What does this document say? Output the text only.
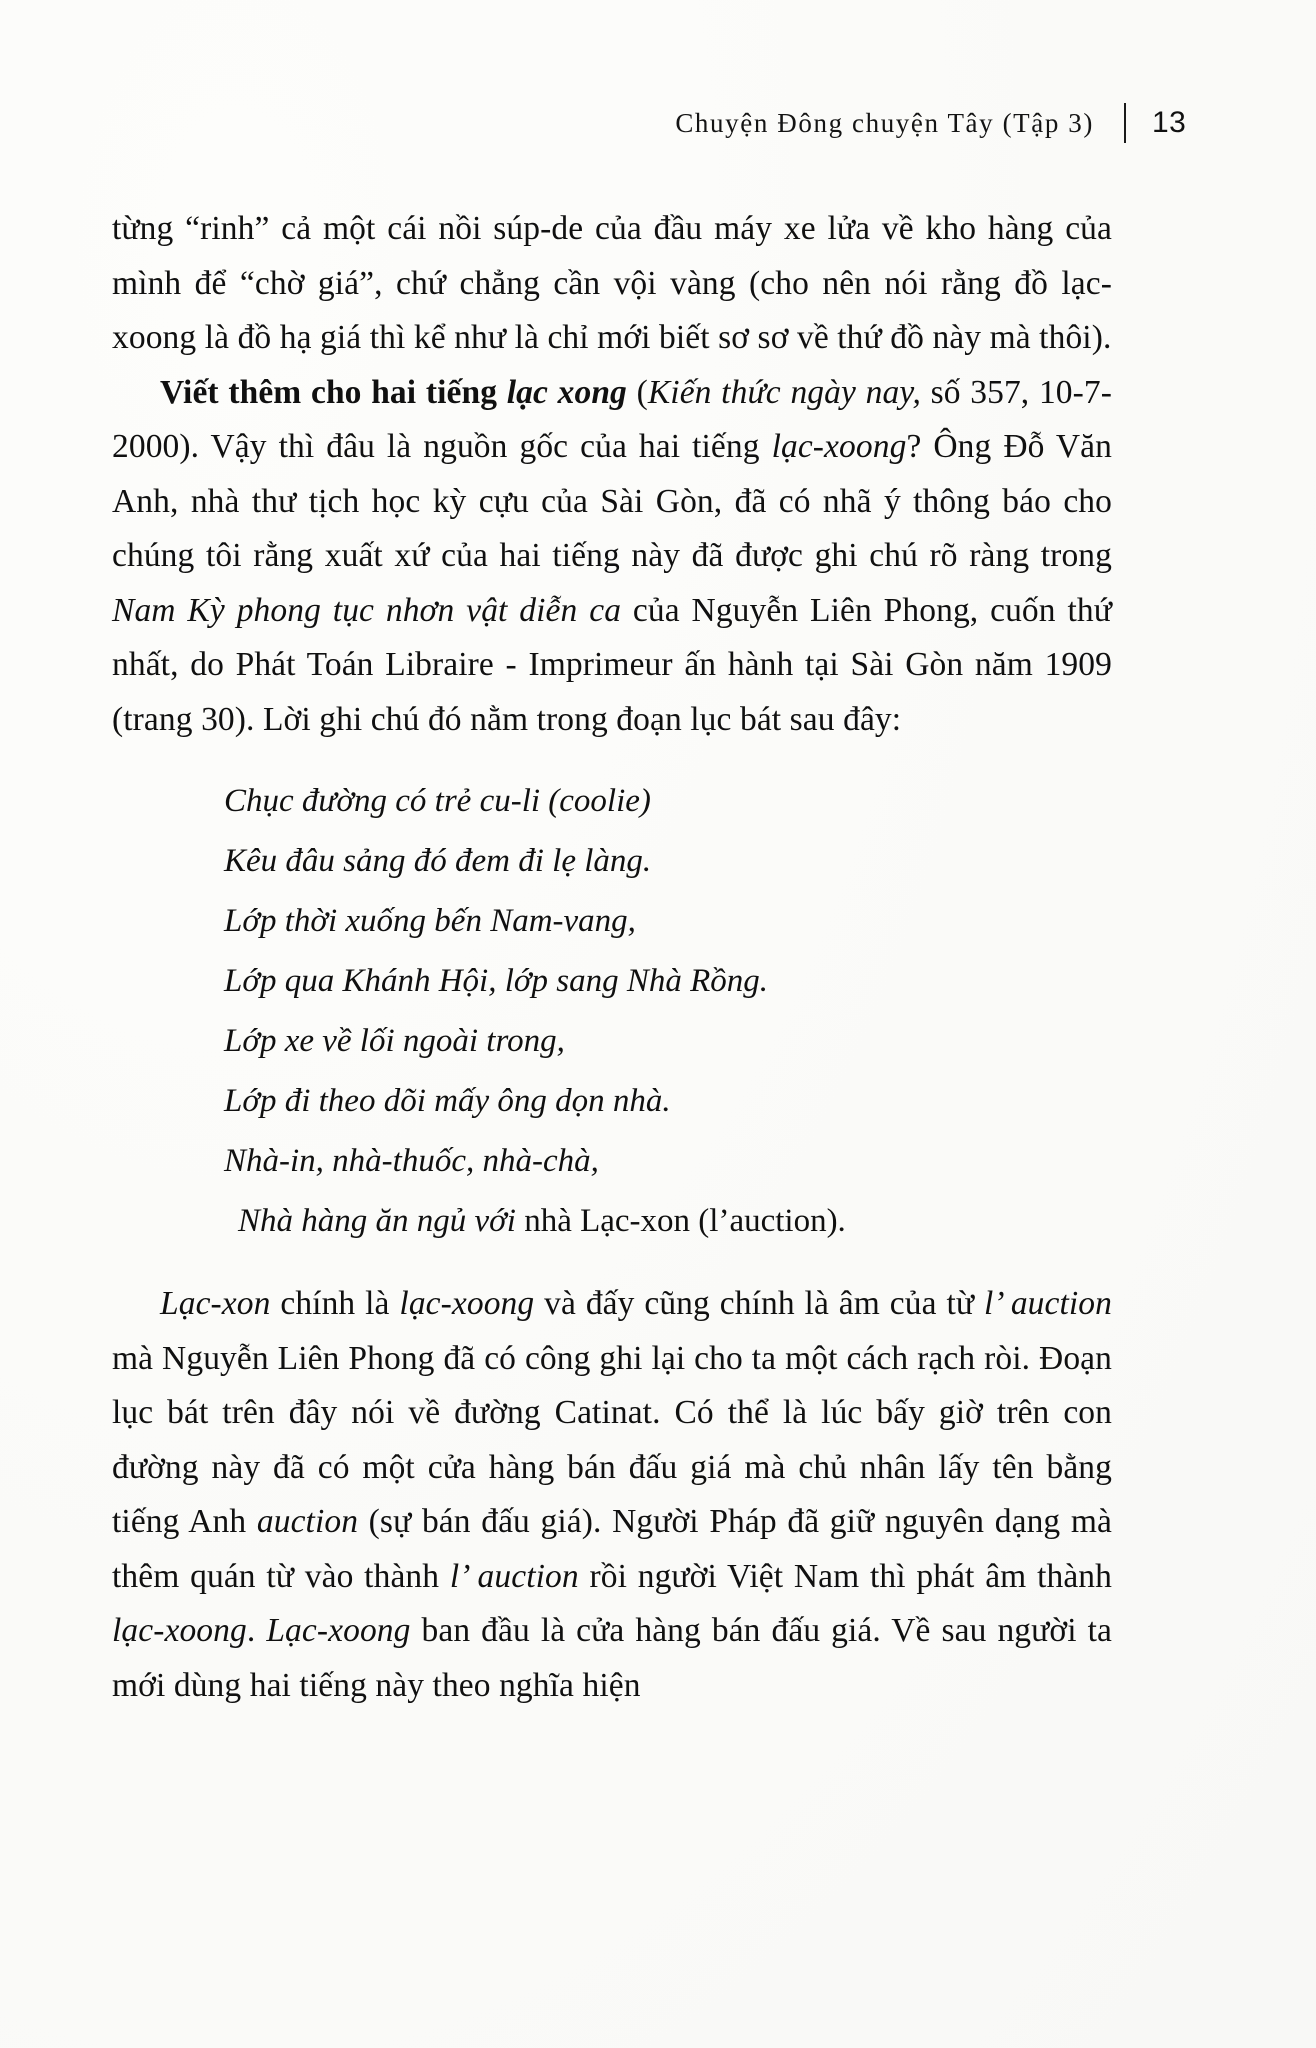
Chuyện Đông chuyện Tây (Tập 3) 13

từng “rinh” cả một cái nồi súp-de của đầu máy xe lửa về kho hàng của mình để “chờ giá”, chứ chẳng cần vội vàng (cho nên nói rằng đồ lạc-xoong là đồ hạ giá thì kể như là chỉ mới biết sơ sơ về thứ đồ này mà thôi).

Viết thêm cho hai tiếng lạc xong (Kiến thức ngày nay, số 357, 10-7-2000). Vậy thì đâu là nguồn gốc của hai tiếng lạc-xoong? Ông Đỗ Văn Anh, nhà thư tịch học kỳ cựu của Sài Gòn, đã có nhã ý thông báo cho chúng tôi rằng xuất xứ của hai tiếng này đã được ghi chú rõ ràng trong Nam Kỳ phong tục nhơn vật diễn ca của Nguyễn Liên Phong, cuốn thứ nhất, do Phát Toán Libraire - Imprimeur ấn hành tại Sài Gòn năm 1909 (trang 30). Lời ghi chú đó nằm trong đoạn lục bát sau đây:

Chục đường có trẻ cu-li (coolie)
Kêu đâu sảng đó đem đi lẹ làng.
Lớp thời xuống bến Nam-vang,
Lớp qua Khánh Hội, lớp sang Nhà Rồng.
Lớp xe về lối ngoài trong,
Lớp đi theo dõi mấy ông dọn nhà.
Nhà-in, nhà-thuốc, nhà-chà,
Nhà hàng ăn ngủ với nhà Lạc-xon (l’auction).

Lạc-xon chính là lạc-xoong và đấy cũng chính là âm của từ l’ auction mà Nguyễn Liên Phong đã có công ghi lại cho ta một cách rạch ròi. Đoạn lục bát trên đây nói về đường Catinat. Có thể là lúc bấy giờ trên con đường này đã có một cửa hàng bán đấu giá mà chủ nhân lấy tên bằng tiếng Anh auction (sự bán đấu giá). Người Pháp đã giữ nguyên dạng mà thêm quán từ vào thành l’ auction rồi người Việt Nam thì phát âm thành lạc-xoong. Lạc-xoong ban đầu là cửa hàng bán đấu giá. Về sau người ta mới dùng hai tiếng này theo nghĩa hiện
